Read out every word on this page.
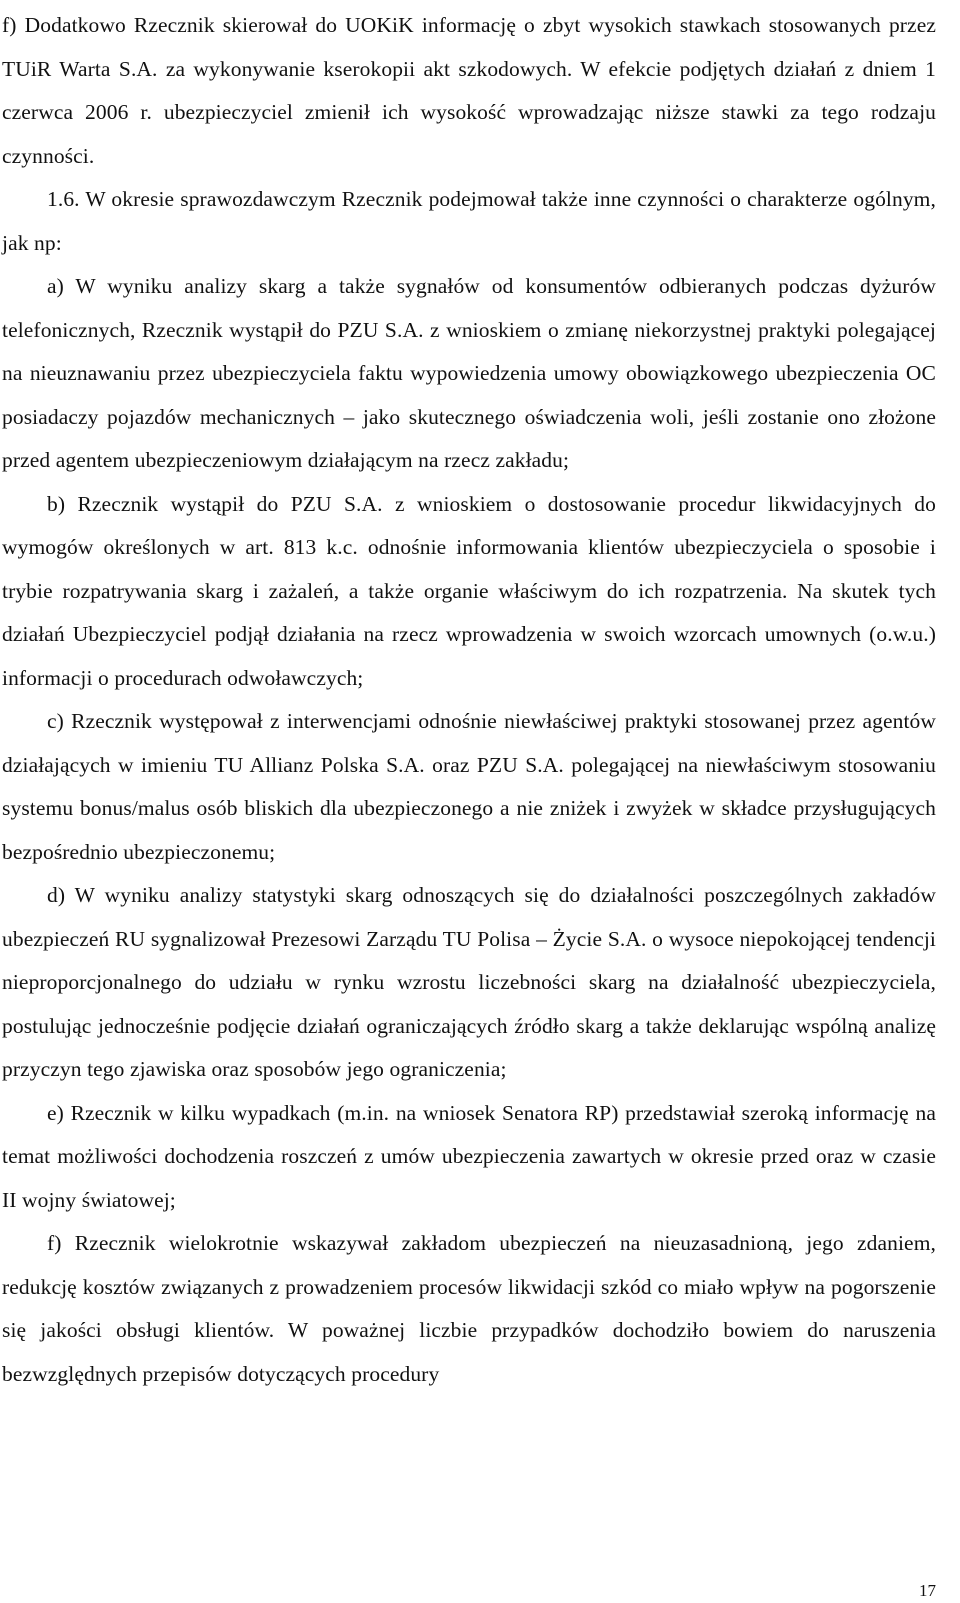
f) Dodatkowo Rzecznik skierował do UOKiK informację o zbyt wysokich stawkach stosowanych przez TUiR Warta S.A. za wykonywanie kserokopii akt szkodowych. W efekcie podjętych działań z dniem 1 czerwca 2006 r. ubezpieczyciel zmienił ich wysokość wprowadzając niższe stawki za tego rodzaju czynności.

1.6. W okresie sprawozdawczym Rzecznik podejmował także inne czynności o charakterze ogólnym, jak np:

a) W wyniku analizy skarg a także sygnałów od konsumentów odbieranych podczas dyżurów telefonicznych, Rzecznik wystąpił do PZU S.A. z wnioskiem o zmianę niekorzystnej praktyki polegającej na nieuznawaniu przez ubezpieczyciela faktu wypowiedzenia umowy obowiązkowego ubezpieczenia OC posiadaczy pojazdów mechanicznych – jako skutecznego oświadczenia woli, jeśli zostanie ono złożone przed agentem ubezpieczeniowym działającym na rzecz zakładu;

b) Rzecznik wystąpił do PZU S.A. z wnioskiem o dostosowanie procedur likwidacyjnych do wymogów określonych w art. 813 k.c. odnośnie informowania klientów ubezpieczyciela o sposobie i trybie rozpatrywania skarg i zażaleń, a także organie właściwym do ich rozpatrzenia. Na skutek tych działań Ubezpieczyciel podjął działania na rzecz wprowadzenia w swoich wzorcach umownych (o.w.u.) informacji o procedurach odwoławczych;

c) Rzecznik występował z interwencjami odnośnie niewłaściwej praktyki stosowanej przez agentów działających w imieniu TU Allianz Polska S.A. oraz PZU S.A. polegającej na niewłaściwym stosowaniu systemu bonus/malus osób bliskich dla ubezpieczonego a nie zniżek i zwyżek w składce przysługujących bezpośrednio ubezpieczonemu;

d) W wyniku analizy statystyki skarg odnoszących się do działalności poszczególnych zakładów ubezpieczeń RU sygnalizował Prezesowi Zarządu TU Polisa – Życie S.A. o wysoce niepokojącej tendencji nieproporcjonalnego do udziału w rynku wzrostu liczebności skarg na działalność ubezpieczyciela, postulując jednocześnie podjęcie działań ograniczających źródło skarg a także deklarując wspólną analizę przyczyn tego zjawiska oraz sposobów jego ograniczenia;

e) Rzecznik w kilku wypadkach (m.in. na wniosek Senatora RP) przedstawiał szeroką informację na temat możliwości dochodzenia roszczeń z umów ubezpieczenia zawartych w okresie przed oraz w czasie II wojny światowej;

f) Rzecznik wielokrotnie wskazywał zakładom ubezpieczeń na nieuzasadnioną, jego zdaniem, redukcję kosztów związanych z prowadzeniem procesów likwidacji szkód co miało wpływ na pogorszenie się jakości obsługi klientów. W poważnej liczbie przypadków dochodziło bowiem do naruszenia bezwzględnych przepisów dotyczących procedury

17
